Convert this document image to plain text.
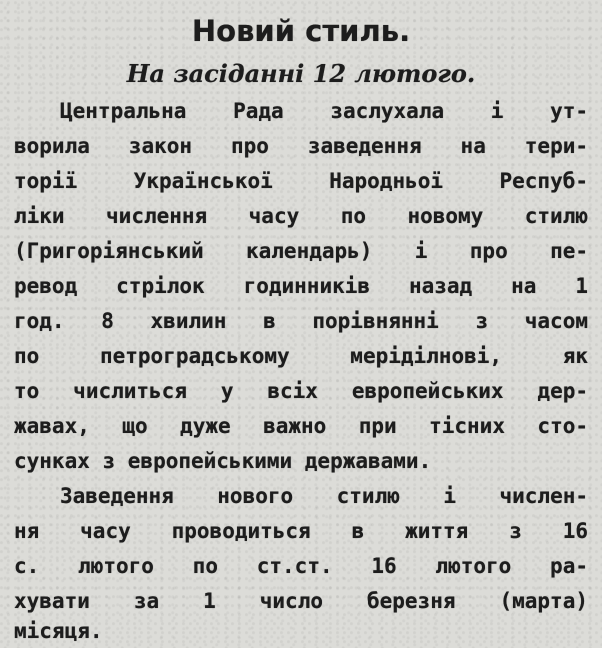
Новий стиль.
На засіданні 12 лютого.
Центральна Рада заслухала і ут-
ворила закон про заведення на тери-
торії Української Народньої Респуб-
ліки числення часу по новому стилю
(Григоріянський календарь) і про пе-
ревод стрілок годинників назад на 1
год. 8 хвилин в порівнянні з часом
по петроградському меріділнові, як
то числиться у всіх европейських дер-
жавах, що дуже важно при тісних сто-
сунках з европейськими державами.
Заведення нового стилю і числен-
ня часу проводиться в життя з 16
с. лютого по ст.ст. 16 лютого ра-
хувати за 1 число березня (марта)
місяця.
